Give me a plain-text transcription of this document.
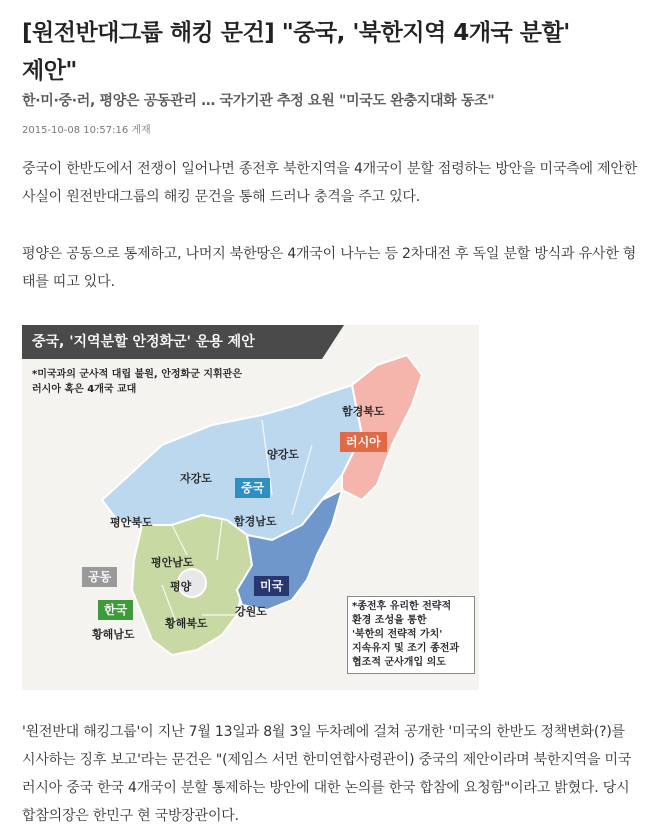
[원전반대그룹 해킹 문건] "중국, '북한지역 4개국 분할'
제안"
한·미·중·러, 평양은 공동관리 … 국가기관 추정 요원 "미국도 완충지대화 동조"
2015-10-08 10:57:16 게재
중국이 한반도에서 전쟁이 일어나면 종전후 북한지역을 4개국이 분할 점령하는 방안을 미국측에 제안한 사실이 원전반대그룹의 해킹 문건을 통해 드러나 충격을 주고 있다.
평양은 공동으로 통제하고, 나머지 북한땅은 4개국이 나누는 등 2차대전 후 독일 분할 방식과 유사한 형태를 띠고 있다.
중국, '지역분할 안정화군' 운용 제안
*미국과의 군사적 대립 불원, 안정화군 지휘관은
러시아 혹은 4개국 교대
함경북도
양강도
자강도
평안북도	함경남도
평안남도
평양
황해북도
황해남도
강원도
러시아
중국
미국
한국
공동
*종전후 유리한 전략적
환경 조성을 통한
'북한의 전략적 가치'
지속유지 및 조기 종전과
협조적 군사개입 의도
'원전반대 해킹그룹'이 지난 7월 13일과 8월 3일 두차례에 걸쳐 공개한 '미국의 한반도 정책변화(?)를 시사하는 징후 보고'라는 문건은 "(제임스 서먼 한미연합사령관이) 중국의 제안이라며 북한지역을 미국 러시아 중국 한국 4개국이 분할 통제하는 방안에 대한 논의를 한국 합참에 요청함"이라고 밝혔다. 당시 합참의장은 한민구 현 국방장관이다.
